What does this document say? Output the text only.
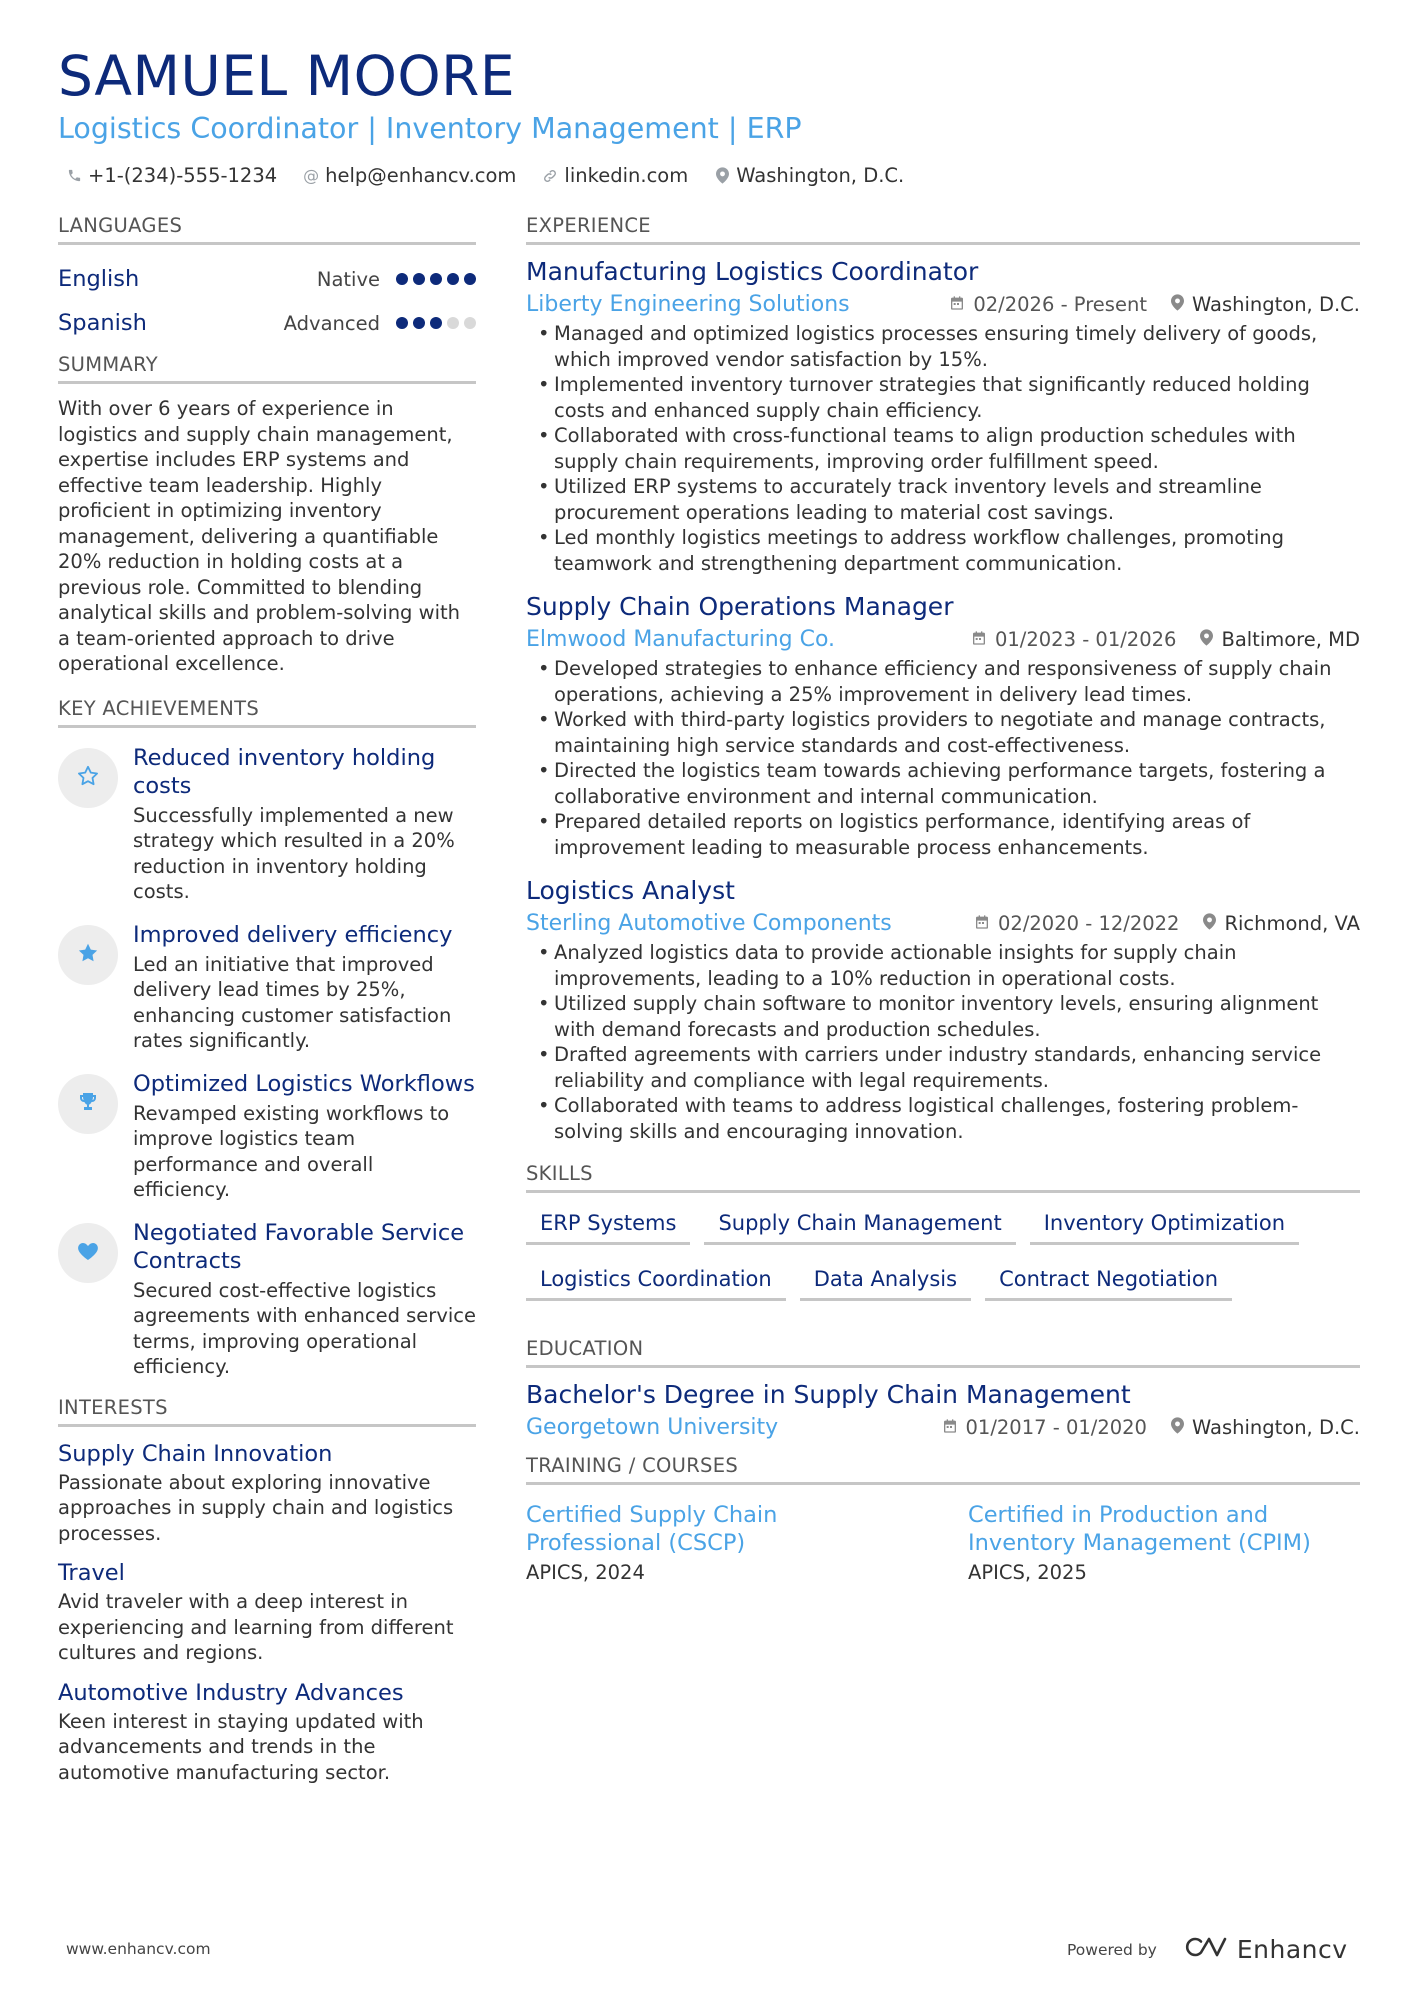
SAMUEL MOORE
Logistics Coordinator | Inventory Management | ERP
+1-(234)-555-1234 @ help@enhancv.com linkedin.com Washington, D.C.
LANGUAGES
English	Native
Spanish	Advanced
SUMMARY

With over 6 years of experience in logistics and supply chain management, expertise includes ERP systems and effective team leadership. Highly proficient in optimizing inventory management, delivering a quantifiable 20% reduction in holding costs at a previous role. Committed to blending analytical skills and problem-solving with a team-oriented approach to drive operational excellence.

KEY ACHIEVEMENTS
Reduced inventory holding costs
Successfully implemented a new strategy which resulted in a 20% reduction in inventory holding costs.
Improved delivery efficiency
Led an initiative that improved delivery lead times by 25%, enhancing customer satisfaction rates significantly.
Optimized Logistics Workflows
Revamped existing workflows to improve logistics team performance and overall efficiency.
Negotiated Favorable Service Contracts
Secured cost-effective logistics agreements with enhanced service terms, improving operational efficiency.
INTERESTS
Supply Chain Innovation
Passionate about exploring innovative approaches in supply chain and logistics processes.
Travel
Avid traveler with a deep interest in experiencing and learning from different cultures and regions.
Automotive Industry Advances
Keen interest in staying updated with advancements and trends in the automotive manufacturing sector.
EXPERIENCE
Manufacturing Logistics Coordinator
Liberty Engineering Solutions	02/2026 - Present Washington, D.C.
• Managed and optimized logistics processes ensuring timely delivery of goods, which improved vendor satisfaction by 15%.
• Implemented inventory turnover strategies that significantly reduced holding costs and enhanced supply chain efficiency.
• Collaborated with cross-functional teams to align production schedules with supply chain requirements, improving order fulfillment speed.
• Utilized ERP systems to accurately track inventory levels and streamline procurement operations leading to material cost savings.
• Led monthly logistics meetings to address workflow challenges, promoting teamwork and strengthening department communication.
Supply Chain Operations Manager
Elmwood Manufacturing Co.	01/2023 - 01/2026 Baltimore, MD
• Developed strategies to enhance efficiency and responsiveness of supply chain operations, achieving a 25% improvement in delivery lead times.
• Worked with third-party logistics providers to negotiate and manage contracts, maintaining high service standards and cost-effectiveness.
• Directed the logistics team towards achieving performance targets, fostering a collaborative environment and internal communication.
• Prepared detailed reports on logistics performance, identifying areas of improvement leading to measurable process enhancements.
Logistics Analyst
Sterling Automotive Components	02/2020 - 12/2022 Richmond, VA
• Analyzed logistics data to provide actionable insights for supply chain improvements, leading to a 10% reduction in operational costs.
• Utilized supply chain software to monitor inventory levels, ensuring alignment with demand forecasts and production schedules.
• Drafted agreements with carriers under industry standards, enhancing service reliability and compliance with legal requirements.
• Collaborated with teams to address logistical challenges, fostering problem-solving skills and encouraging innovation.
SKILLS
ERP Systems	Supply Chain Management	Inventory Optimization
Logistics Coordination	Data Analysis	Contract Negotiation
EDUCATION
Bachelor's Degree in Supply Chain Management
Georgetown University	01/2017 - 01/2020 Washington, D.C.
TRAINING / COURSES
Certified Supply Chain Professional (CSCP)
APICS, 2024
Certified in Production and Inventory Management (CPIM)
APICS, 2025
www.enhancv.com	Powered by	Enhancv
